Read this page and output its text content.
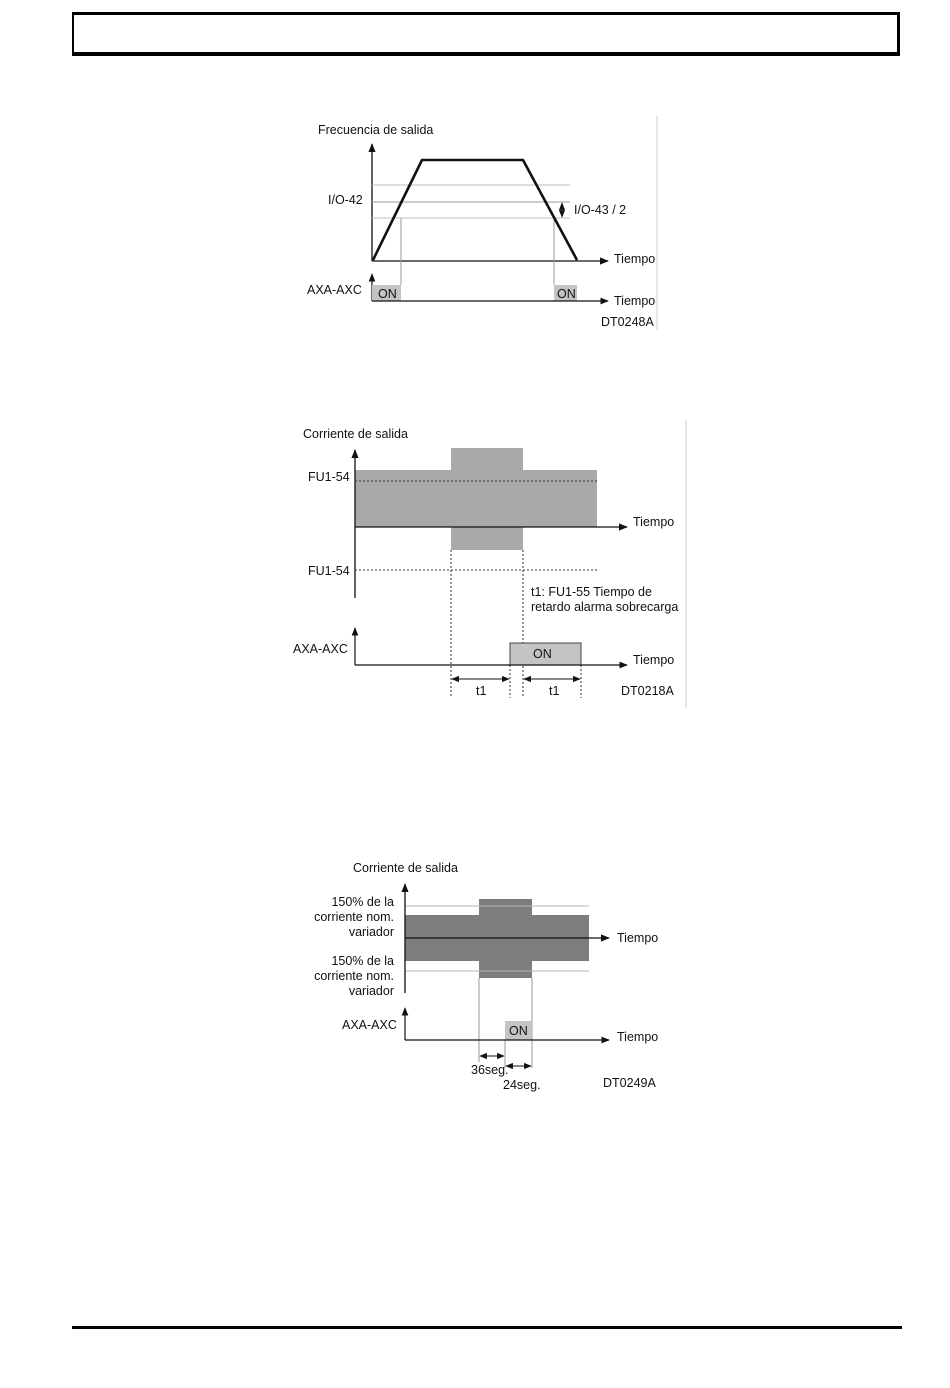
Frecuencia de salida
I/O-42
I/O-43 / 2
Tiempo
AXA-AXC ON	ON	Tiempo
DT0248A
Corriente de salida
Tiempo
FU1-54
FU1-54
t1: FU1-55 Tiempo de
retardo alarma sobrecarga
AXA-AXC	ON	Tiempo
t1	t1	DT0218A
Corriente de salida
Tiempo
150% de la
corriente nom.
variador
150% de la
corriente nom.
variador
AXA-AXC	ON	Tiempo
36seg.
24seg.	DT0249A
